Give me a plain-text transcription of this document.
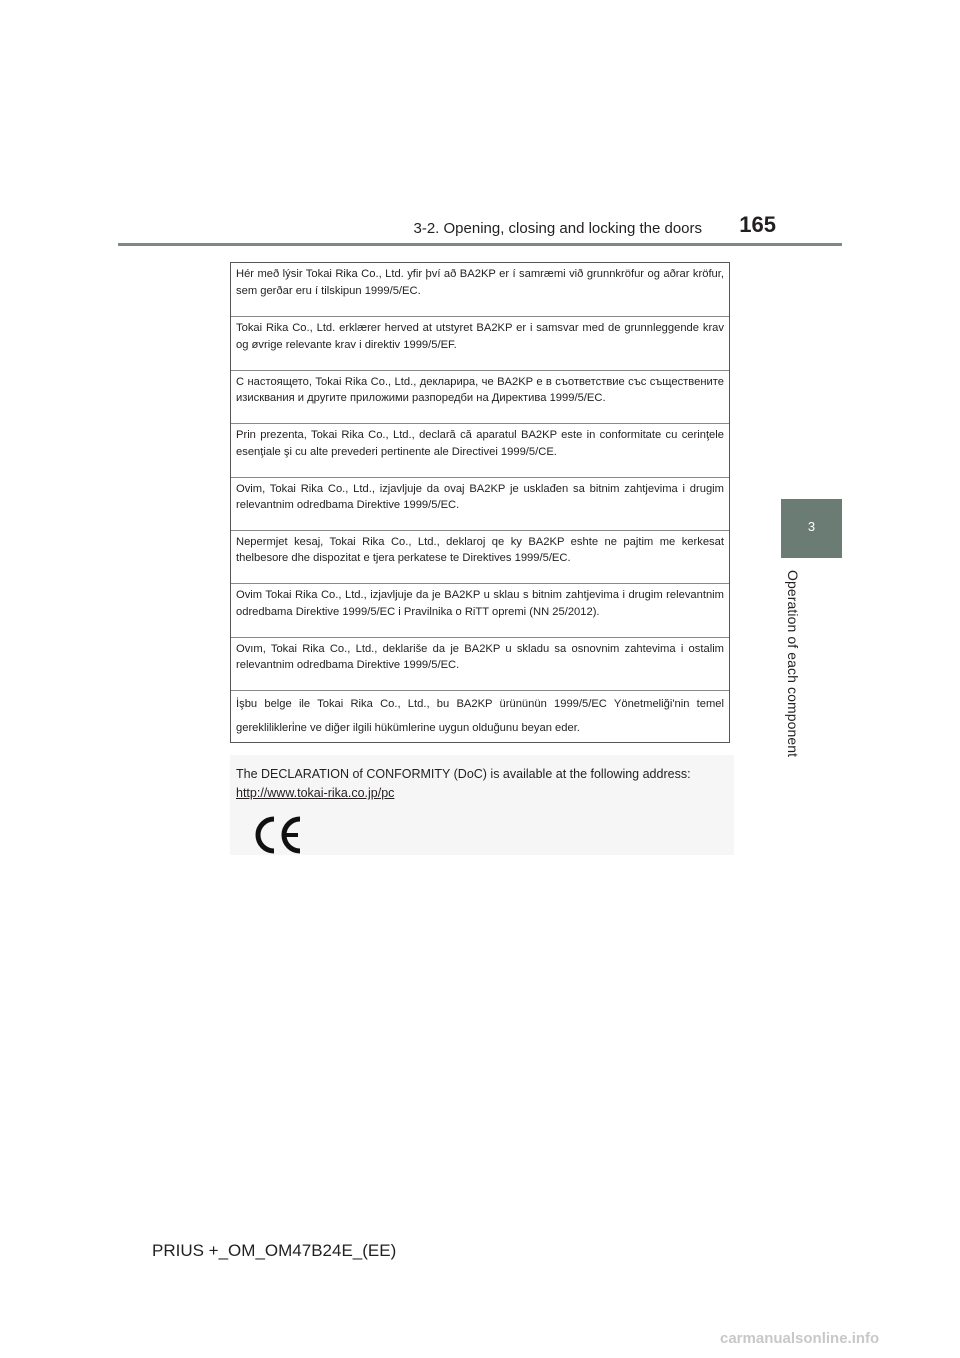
3-2. Opening, closing and locking the doors	165
3
Operation of each component
Hér með lýsir Tokai Rika Co., Ltd. yfir því að BA2KP er í samræmi við grunnkröfur og aðrar kröfur, sem gerðar eru í tilskipun 1999/5/EC.
Tokai Rika Co., Ltd. erklærer herved at utstyret BA2KP er i samsvar med de grunnleggende krav og øvrige relevante krav i direktiv 1999/5/EF.
С настоящето, Tokai Rika Co., Ltd., декларира, че BA2KP е в съответствие със съществените изисквания и другите приложими разпоредби на Директива 1999/5/ЕС.
Prin prezenta, Tokai Rika Co., Ltd., declară că aparatul BA2KP este in conformitate cu cerinţele esenţiale şi cu alte prevederi pertinente ale Directivei 1999/5/CE.
Ovim, Tokai Rika Co., Ltd., izjavljuje da ovaj BA2KP je usklađen sa bitnim zahtjevima i drugim relevantnim odredbama Direktive 1999/5/EC.
Nepermjet kesaj, Tokai Rika Co., Ltd., deklaroj qe ky BA2KP eshte ne pajtim me kerkesat thelbesore dhe dispozitat e tjera perkatese te Direktives 1999/5/EC.
Ovim Tokai Rika Co., Ltd., izjavljuje da je BA2KP u sklau s bitnim zahtjevima i drugim relevantnim odredbama Direktive 1999/5/EC i Pravilnika o RiTT opremi (NN 25/2012).
Ovım, Tokai Rika Co., Ltd., deklariše da je BA2KP u skladu sa osnovnim zahtevima i ostalim relevantnim odredbama Direktive 1999/5/EC.
İşbu belge ile Tokai Rika Co., Ltd., bu BA2KP ürününün 1999/5/EC Yönetmeliği'nin temel gereklilikleri̇ne ve diğer ilgili hükümlerine uygun olduğunu beyan eder.
The DECLARATION of CONFORMITY (DoC) is available at the following address:
http://www.tokai-rika.co.jp/pc
PRIUS +_OM_OM47B24E_(EE)
carmanualsonline.info
